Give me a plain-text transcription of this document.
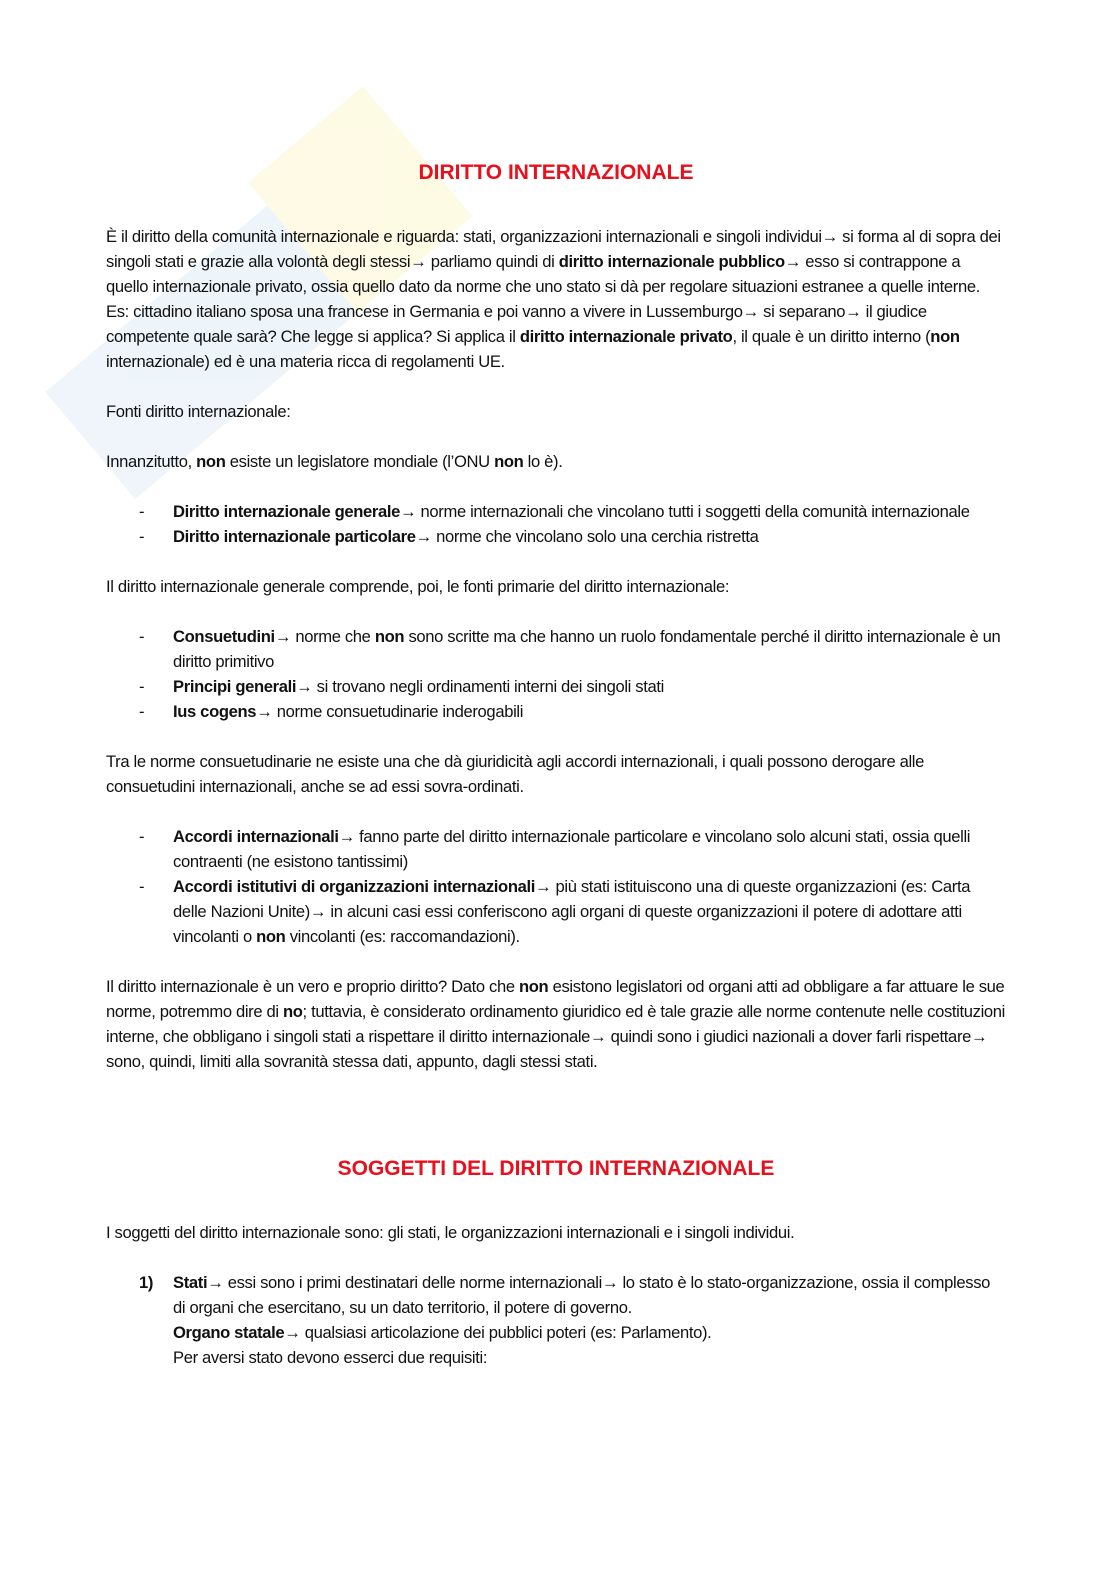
DIRITTO INTERNAZIONALE

È il diritto della comunità internazionale e riguarda: stati, organizzazioni internazionali e singoli individui→ si forma al di sopra dei singoli stati e grazie alla volontà degli stessi→ parliamo quindi di diritto internazionale pubblico→ esso si contrappone a quello internazionale privato, ossia quello dato da norme che uno stato si dà per regolare situazioni estranee a quelle interne.
Es: cittadino italiano sposa una francese in Germania e poi vanno a vivere in Lussemburgo→ si separano→ il giudice competente quale sarà? Che legge si applica? Si applica il diritto internazionale privato, il quale è un diritto interno (non internazionale) ed è una materia ricca di regolamenti UE.

Fonti diritto internazionale:

Innanzitutto, non esiste un legislatore mondiale (l’ONU non lo è).

- Diritto internazionale generale→ norme internazionali che vincolano tutti i soggetti della comunità internazionale
- Diritto internazionale particolare→ norme che vincolano solo una cerchia ristretta

Il diritto internazionale generale comprende, poi, le fonti primarie del diritto internazionale:

- Consuetudini→ norme che non sono scritte ma che hanno un ruolo fondamentale perché il diritto internazionale è un diritto primitivo
- Principi generali→ si trovano negli ordinamenti interni dei singoli stati
- Ius cogens→ norme consuetudinarie inderogabili

Tra le norme consuetudinarie ne esiste una che dà giuridicità agli accordi internazionali, i quali possono derogare alle consuetudini internazionali, anche se ad essi sovra-ordinati.

- Accordi internazionali→ fanno parte del diritto internazionale particolare e vincolano solo alcuni stati, ossia quelli contraenti (ne esistono tantissimi)
- Accordi istitutivi di organizzazioni internazionali→ più stati istituiscono una di queste organizzazioni (es: Carta delle Nazioni Unite)→ in alcuni casi essi conferiscono agli organi di queste organizzazioni il potere di adottare atti vincolanti o non vincolanti (es: raccomandazioni).

Il diritto internazionale è un vero e proprio diritto? Dato che non esistono legislatori od organi atti ad obbligare a far attuare le sue norme, potremmo dire di no; tuttavia, è considerato ordinamento giuridico ed è tale grazie alle norme contenute nelle costituzioni interne, che obbligano i singoli stati a rispettare il diritto internazionale→ quindi sono i giudici nazionali a dover farli rispettare→ sono, quindi, limiti alla sovranità stessa dati, appunto, dagli stessi stati.

SOGGETTI DEL DIRITTO INTERNAZIONALE

I soggetti del diritto internazionale sono: gli stati, le organizzazioni internazionali e i singoli individui.

1) Stati→ essi sono i primi destinatari delle norme internazionali→ lo stato è lo stato-organizzazione, ossia il complesso di organi che esercitano, su un dato territorio, il potere di governo.
Organo statale→ qualsiasi articolazione dei pubblici poteri (es: Parlamento).
Per aversi stato devono esserci due requisiti:
